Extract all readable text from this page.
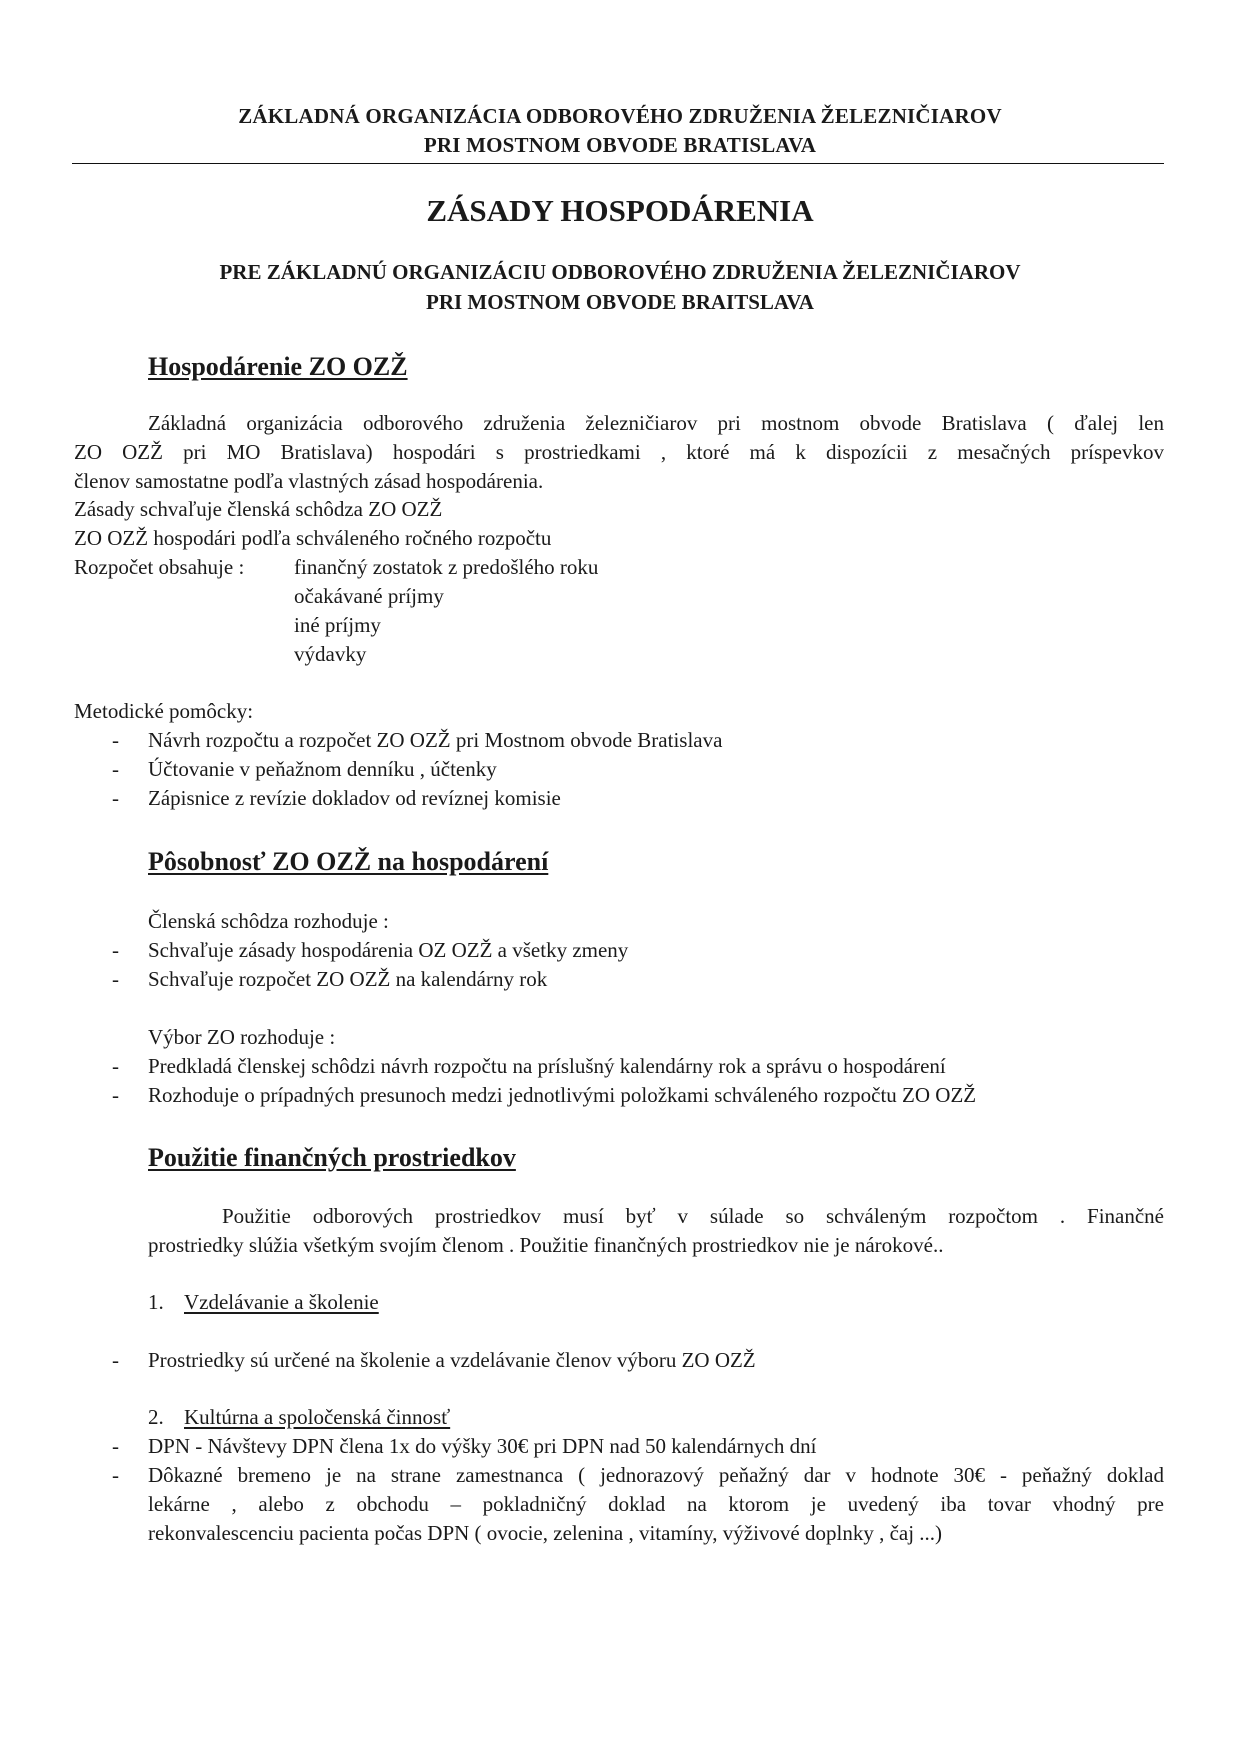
ZÁKLADNÁ ORGANIZÁCIA ODBOROVÉHO ZDRUŽENIA ŽELEZNIČIAROV
PRI MOSTNOM OBVODE BRATISLAVA
ZÁSADY HOSPODÁRENIA
PRE ZÁKLADNÚ ORGANIZÁCIU ODBOROVÉHO ZDRUŽENIA ŽELEZNIČIAROV
PRI MOSTNOM OBVODE BRAITSLAVA
Hospodárenie ZO OZŽ
Základná organizácia odborového združenia železničiarov pri mostnom obvode Bratislava ( ďalej len
ZO OZŽ pri MO Bratislava) hospodári s prostriedkami , ktoré má k dispozícii z mesačných príspevkov
členov samostatne podľa vlastných zásad hospodárenia.
Zásady schvaľuje členská schôdza ZO OZŽ
ZO OZŽ hospodári podľa schváleného ročného rozpočtu
Rozpočet obsahuje : finančný zostatok z predošlého roku
očakávané príjmy
iné príjmy
výdavky
Metodické pomôcky:
- Návrh rozpočtu a rozpočet ZO OZŽ pri Mostnom obvode Bratislava
- Účtovanie v peňažnom denníku , účtenky
- Zápisnice z revízie dokladov od revíznej komisie
Pôsobnosť ZO OZŽ na hospodárení
Členská schôdza rozhoduje :
- Schvaľuje zásady hospodárenia OZ OZŽ a všetky zmeny
- Schvaľuje rozpočet ZO OZŽ na kalendárny rok
Výbor ZO rozhoduje :
- Predkladá členskej schôdzi návrh rozpočtu na príslušný kalendárny rok a správu o hospodárení
- Rozhoduje o prípadných presunoch medzi jednotlivými položkami schváleného rozpočtu ZO OZŽ
Použitie finančných prostriedkov
Použitie odborových prostriedkov musí byť v súlade so schváleným rozpočtom . Finančné
prostriedky slúžia všetkým svojím členom . Použitie finančných prostriedkov nie je nárokové..
1. Vzdelávanie a školenie
- Prostriedky sú určené na školenie a vzdelávanie členov výboru ZO OZŽ
2. Kultúrna a spoločenská činnosť
- DPN - Návštevy DPN člena 1x do výšky 30€ pri DPN nad 50 kalendárnych dní
- Dôkazné bremeno je na strane zamestnanca ( jednorazový peňažný dar v hodnote 30€ - peňažný doklad
lekárne , alebo z obchodu – pokladničný doklad na ktorom je uvedený iba tovar vhodný pre
rekonvalescenciu pacienta počas DPN ( ovocie, zelenina , vitamíny, výživové doplnky , čaj ...)
